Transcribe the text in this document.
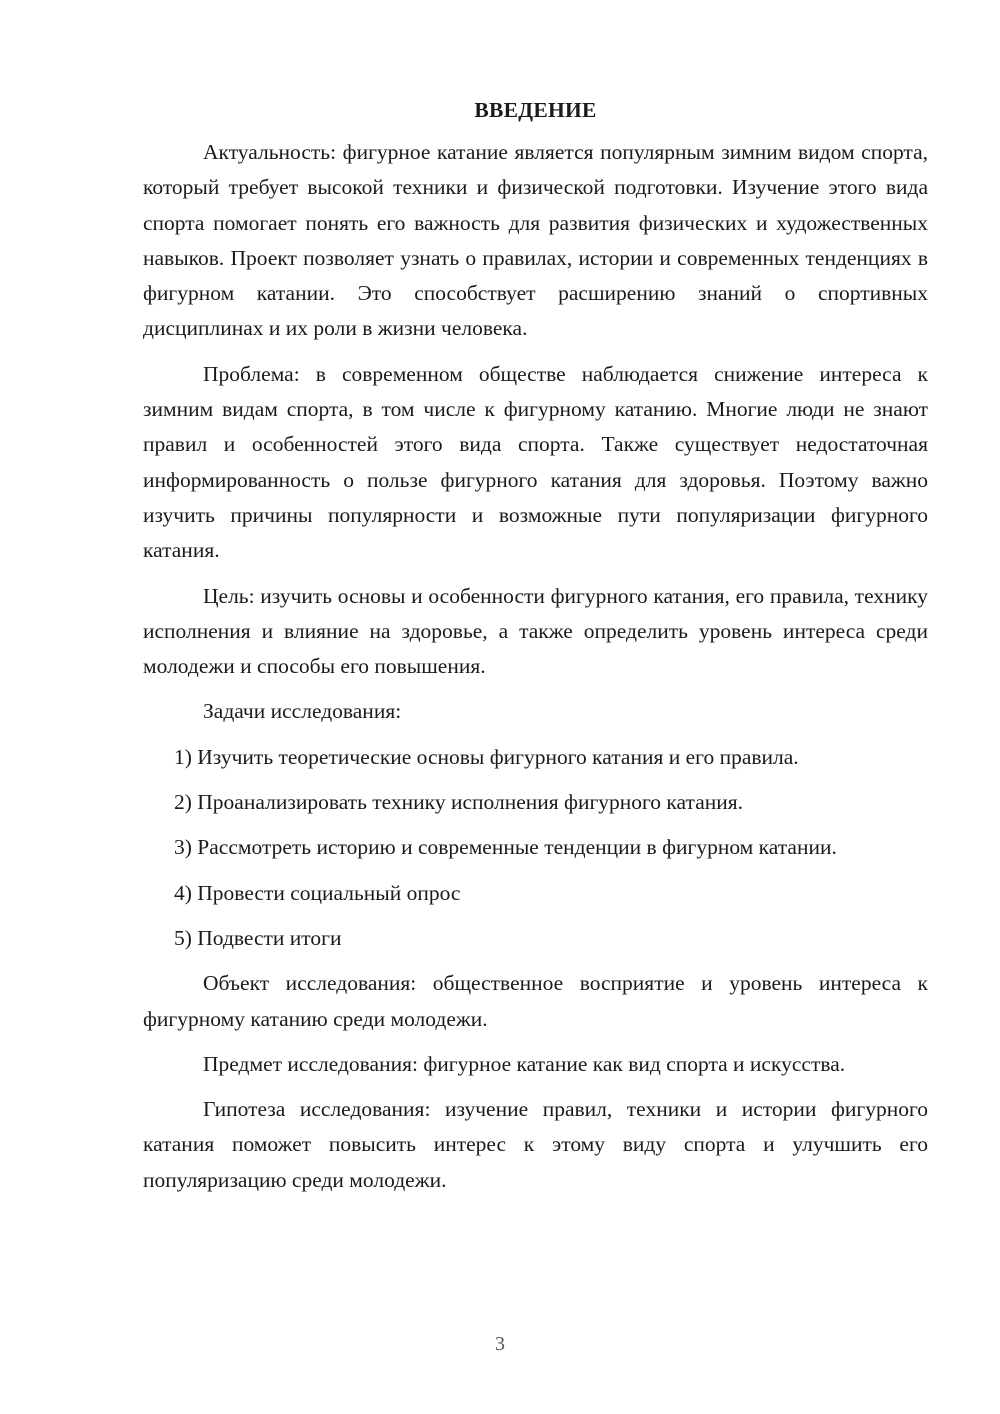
ВВЕДЕНИЕ

Актуальность: фигурное катание является популярным зимним видом спорта, который требует высокой техники и физической подготовки. Изучение этого вида спорта помогает понять его важность для развития физических и художественных навыков. Проект позволяет узнать о правилах, истории и современных тенденциях в фигурном катании. Это способствует расширению знаний о спортивных дисциплинах и их роли в жизни человека.

Проблема: в современном обществе наблюдается снижение интереса к зимним видам спорта, в том числе к фигурному катанию. Многие люди не знают правил и особенностей этого вида спорта. Также существует недостаточная информированность о пользе фигурного катания для здоровья. Поэтому важно изучить причины популярности и возможные пути популяризации фигурного катания.

Цель: изучить основы и особенности фигурного катания, его правила, технику исполнения и влияние на здоровье, а также определить уровень интереса среди молодежи и способы его повышения.

Задачи исследования:

1) Изучить теоретические основы фигурного катания и его правила.

2) Проанализировать технику исполнения фигурного катания.

3) Рассмотреть историю и современные тенденции в фигурном катании.

4) Провести социальный опрос

5) Подвести итоги

Объект исследования: общественное восприятие и уровень интереса к фигурному катанию среди молодежи.

Предмет исследования: фигурное катание как вид спорта и искусства.

Гипотеза исследования: изучение правил, техники и истории фигурного катания поможет повысить интерес к этому виду спорта и улучшить его популяризацию среди молодежи.

3
